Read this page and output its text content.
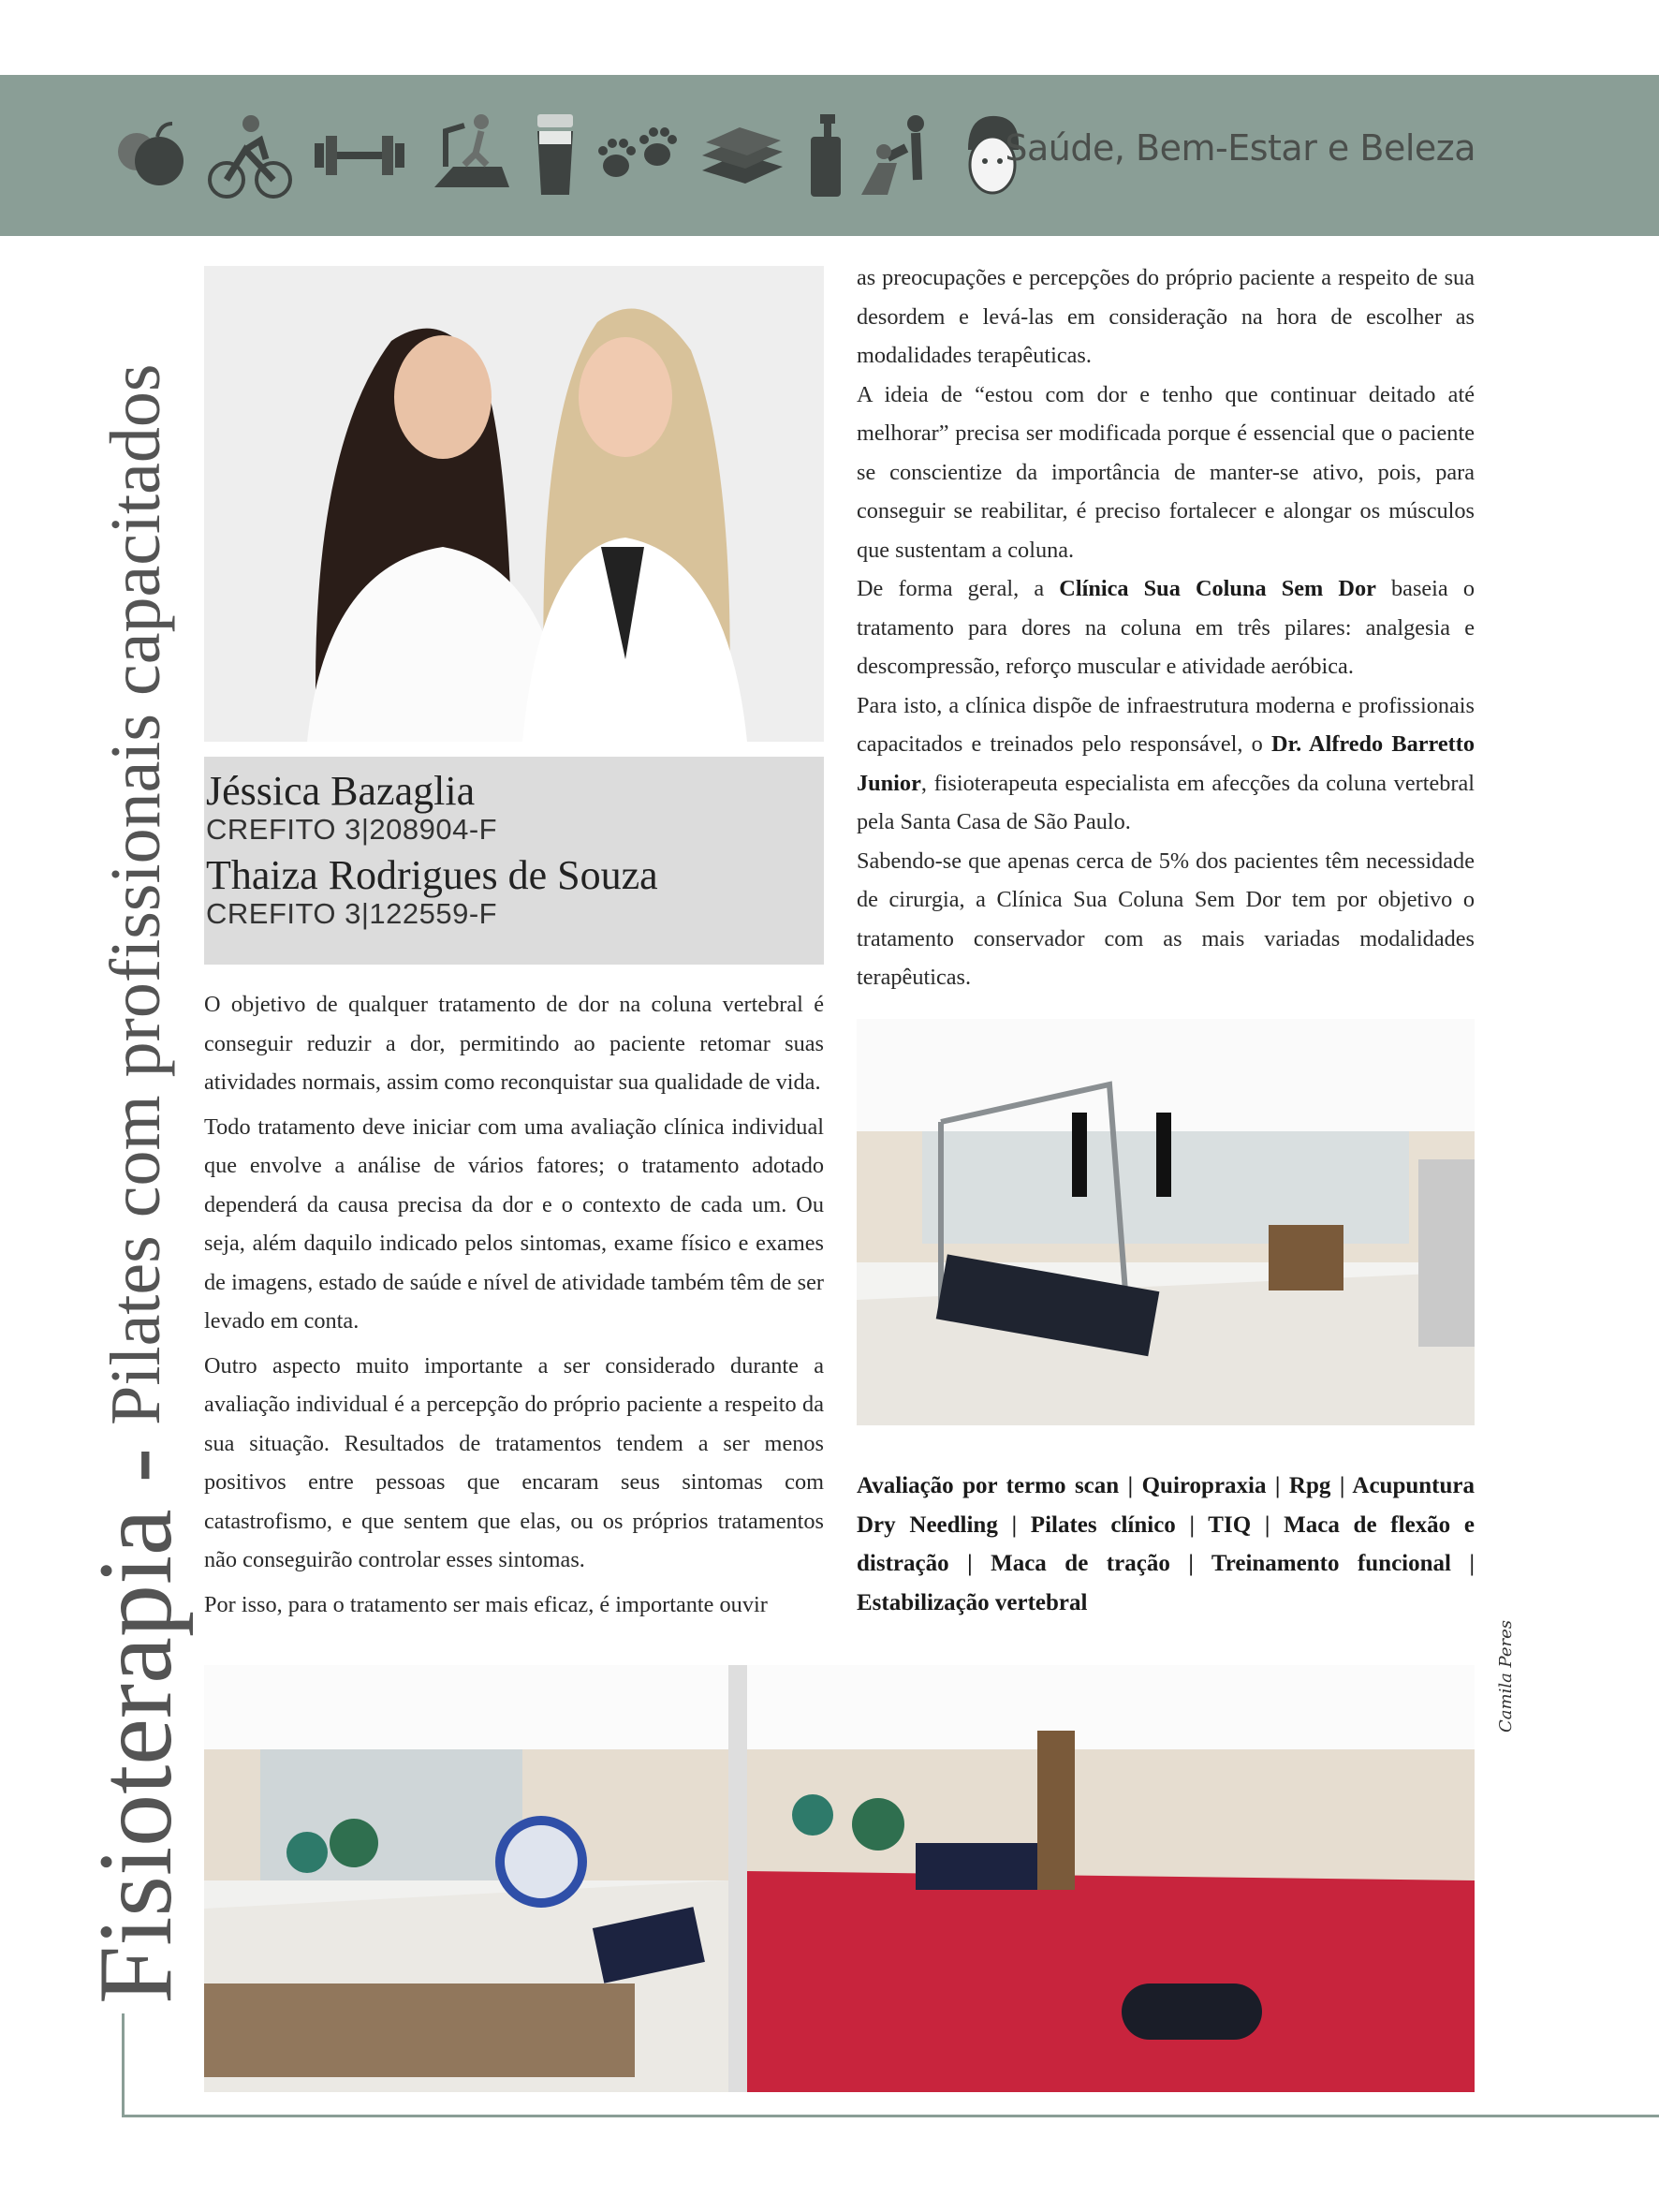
Saúde, Bem-Estar e Beleza
Fisioterapia -
Pilates com profissionais capacitados Jéssica Bazaglia
CREFITO 3|208904-F
Thaiza Rodrigues de Souza
CREFITO 3|122559-F

O objetivo de qualquer tratamento de dor na coluna vertebral é conseguir reduzir a dor, permitindo ao paciente retomar suas atividades normais, assim como reconquistar sua qualidade de vida.

Todo tratamento deve iniciar com uma avaliação clínica individual que envolve a análise de vários fatores; o tratamento adotado dependerá da causa precisa da dor e o contexto de cada um. Ou seja, além daquilo indicado pelos sintomas, exame físico e exames de imagens, estado de saúde e nível de atividade também têm de ser levado em conta.

Outro aspecto muito importante a ser considerado durante a avaliação individual é a percepção do próprio paciente a respeito da sua situação. Resultados de tratamentos tendem a ser menos positivos entre pessoas que encaram seus sintomas com catastrofismo, e que sentem que elas, ou os próprios tratamentos não conseguirão controlar esses sintomas.

Por isso, para o tratamento ser mais eficaz, é importante ouvir

as preocupações e percepções do próprio paciente a respeito de sua desordem e levá-las em consideração na hora de escolher as modalidades terapêuticas.

A ideia de “estou com dor e tenho que continuar deitado até melhorar” precisa ser modificada porque é essencial que o paciente se conscientize da importância de manter-se ativo, pois, para conseguir se reabilitar, é preciso fortalecer e alongar os músculos que sustentam a coluna.

De forma geral, a Clínica Sua Coluna Sem Dor baseia o tratamento para dores na coluna em três pilares: analgesia e descompressão, reforço muscular e atividade aeróbica.

Para isto, a clínica dispõe de infraestrutura moderna e profissionais capacitados e treinados pelo responsável, o Dr. Alfredo Barretto Junior, fisioterapeuta especialista em afecções da coluna vertebral pela Santa Casa de São Paulo.

Sabendo-se que apenas cerca de 5% dos pacientes têm necessidade de cirurgia, a Clínica Sua Coluna Sem Dor tem por objetivo o tratamento conservador com as mais variadas modalidades terapêuticas.

Avaliação por termo scan | Quiropraxia | Rpg | Acupuntura Dry Needling | Pilates clínico | TIQ | Maca de flexão e distração | Maca de tração | Treinamento funcional | Estabilização vertebral
Camila Peres
